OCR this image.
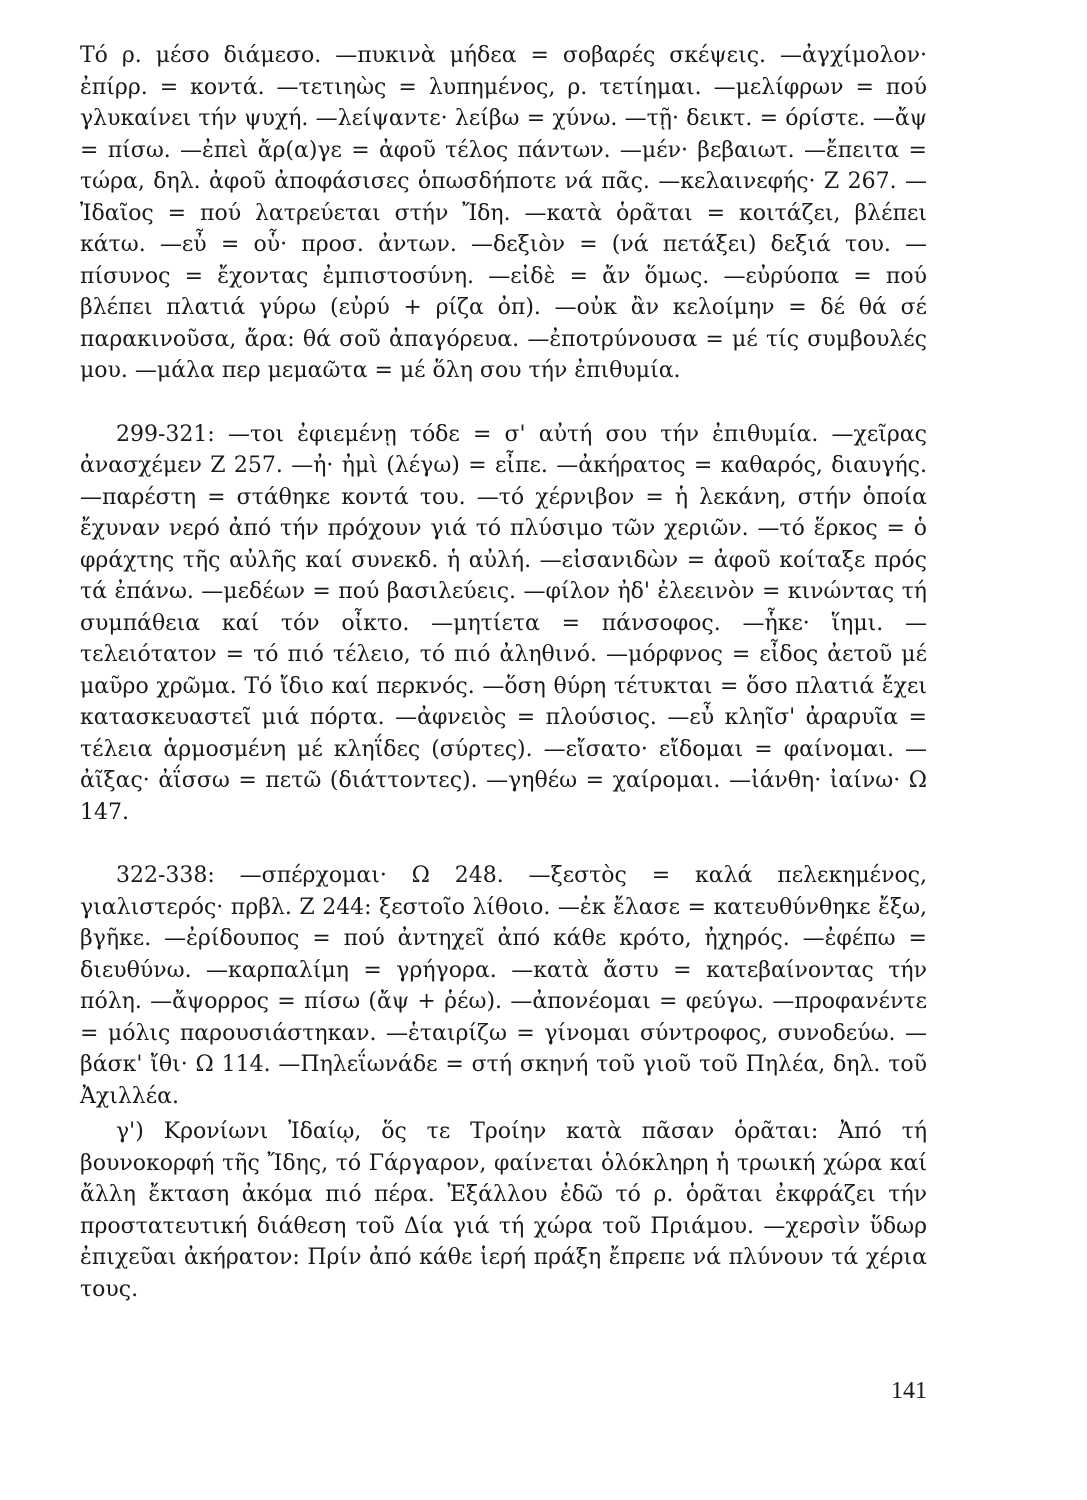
Τό ρ. μέσο διάμεσο. —πυκινὰ μήδεα = σοβαρές σκέψεις. —ἀγχίμολον· ἐπίρρ. = κοντά. —τετιηὼς = λυπημένος, ρ. τετίημαι. —μελίφρων = πού γλυκαίνει τήν ψυχή. —λείψαντε· λείβω = χύνω. —τῇ· δεικτ. = όρίστε. —ἄψ = πίσω. —ἐπεὶ ἄρ(α)γε = ἀφοῦ τέλος πάντων. —μέν· βεβαιωτ. —ἔπειτα = τώρα, δηλ. ἀφοῦ ἀποφάσισες ὁπωσδήποτε νά πᾶς. —κελαινεφής· Ζ 267. —Ἰδαῖος = πού λατρεύεται στήν Ἴδη. —κατὰ ὁρᾶται = κοιτάζει, βλέπει κάτω. —εὖ = οὗ· προσ. ἀντων. —δεξιὸν = (νά πετάξει) δεξιά του. —πίσυνος = ἔχοντας ἐμπιστοσύνη. —εἰδὲ = ἄν ὅμως. —εὐρύοπα = πού βλέπει πλατιά γύρω (εὐρύ + ρίζα ὀπ). —οὐκ ἂν κελοίμην = δέ θά σέ παρακινοῦσα, ἄρα: θά σοῦ ἀπαγόρευα. —ἐποτρύνουσα = μέ τίς συμβουλές μου. —μάλα περ μεμαῶτα = μέ ὅλη σου τήν ἐπιθυμία.

299-321: —τοι ἐφιεμένῃ τόδε = σ' αὐτή σου τήν ἐπιθυμία. —χεῖρας ἀνασχέμεν Ζ 257. —ἠ· ἠμὶ (λέγω) = εἶπε. —ἀκήρατος = καθαρός, διαυγής. —παρέστη = στάθηκε κοντά του. —τό χέρνιβον = ἡ λεκάνη, στήν ὁποία ἔχυναν νερό ἀπό τήν πρόχουν γιά τό πλύσιμο τῶν χεριῶν. —τό ἕρκος = ὁ φράχτης τῆς αὐλῆς καί συνεκδ. ἡ αὐλή. —εἰσανιδὼν = ἀφοῦ κοίταξε πρός τά ἐπάνω. —μεδέων = πού βασιλεύεις. —φίλον ἠδ' ἐλεεινὸν = κινώντας τή συμπάθεια καί τόν οἶκτο. —μητίετα = πάνσοφος. —ἧκε· ἵημι. —τελειότατον = τό πιό τέλειο, τό πιό ἀληθινό. —μόρφνος = εἶδος ἀετοῦ μέ μαῦρο χρῶμα. Τό ἴδιο καί περκνός. —ὅση θύρη τέτυκται = ὅσο πλατιά ἔχει κατασκευαστεῖ μιά πόρτα. —ἀφνειὸς = πλούσιος. —εὖ κληῖσ' ἀραρυῖα = τέλεια ἁρμοσμένη μέ κληΐδες (σύρτες). —εἴσατο· εἴδομαι = φαίνομαι. —ἀῖξας· ἀΐσσω = πετῶ (διάττοντες). —γηθέω = χαίρομαι. —ἰάνθη· ἰαίνω· Ω 147.

322-338: —σπέρχομαι· Ω 248. —ξεστὸς = καλά πελεκημένος, γιαλιστερός· πρβλ. Ζ 244: ξεστοῖο λίθοιο. —ἐκ ἔλασε = κατευθύνθηκε ἔξω, βγῆκε. —ἐρίδουπος = πού ἀντηχεῖ ἀπό κάθε κρότο, ἠχηρός. —ἐφέπω = διευθύνω. —καρπαλίμη = γρήγορα. —κατὰ ἄστυ = κατεβαίνοντας τήν πόλη. —ἄψορρος = πίσω (ἄψ + ῥέω). —ἀπονέομαι = φεύγω. —προφανέντε = μόλις παρουσιάστηκαν. —ἑταιρίζω = γίνομαι σύντροφος, συνοδεύω. —βάσκ' ἴθι· Ω 114. —Πηλεΐωνάδε = στή σκηνή τοῦ γιοῦ τοῦ Πηλέα, δηλ. τοῦ Ἀχιλλέα.

γ') Κρονίωνι Ἰδαίῳ, ὅς τε Τροίην κατὰ πᾶσαν ὁρᾶται: Ἀπό τή βουνοκορφή τῆς Ἴδης, τό Γάργαρον, φαίνεται ὁλόκληρη ἡ τρωική χώρα καί ἄλλη ἔκταση ἀκόμα πιό πέρα. Ἐξάλλου ἐδῶ τό ρ. ὁρᾶται ἐκφράζει τήν προστατευτική διάθεση τοῦ Δία γιά τή χώρα τοῦ Πριάμου. —χερσὶν ὕδωρ ἐπιχεῦαι ἀκήρατον: Πρίν ἀπό κάθε ἱερή πράξη ἔπρεπε νά πλύνουν τά χέρια τους.

141
